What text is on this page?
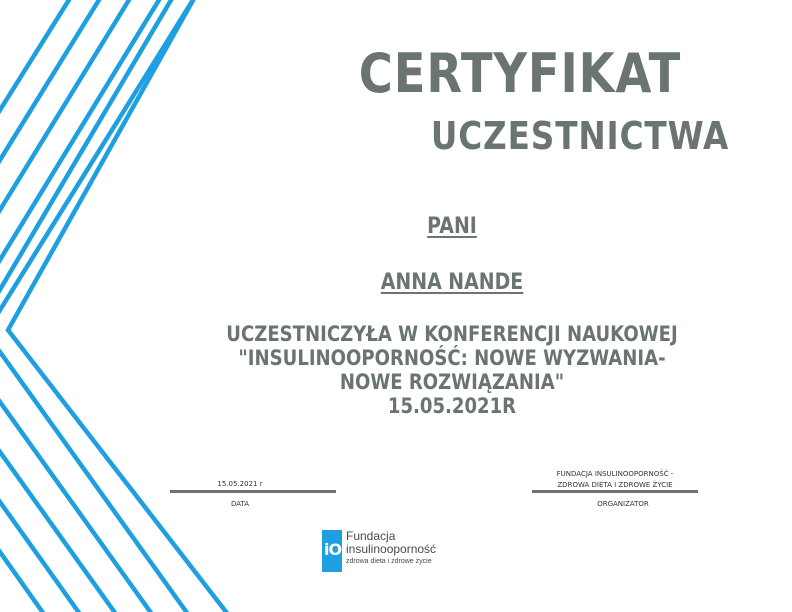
CERTYFIKAT
UCZESTNICTWA
PANI
ANNA NANDE
UCZESTNICZYŁA W KONFERENCJI NAUKOWEJ
"INSULINOOPORNOŚĆ: NOWE WYZWANIA-
NOWE ROZWIĄZANIA"
15.05.2021R
15.05.2021 r
DATA
FUNDACJA INSULINOOPORNOŚĆ -
ZDROWA DIETA I ZDROWE ŻYCIE
ORGANIZATOR
iO
Fundacja
insulinooporność
zdrowa dieta i zdrowe życie
